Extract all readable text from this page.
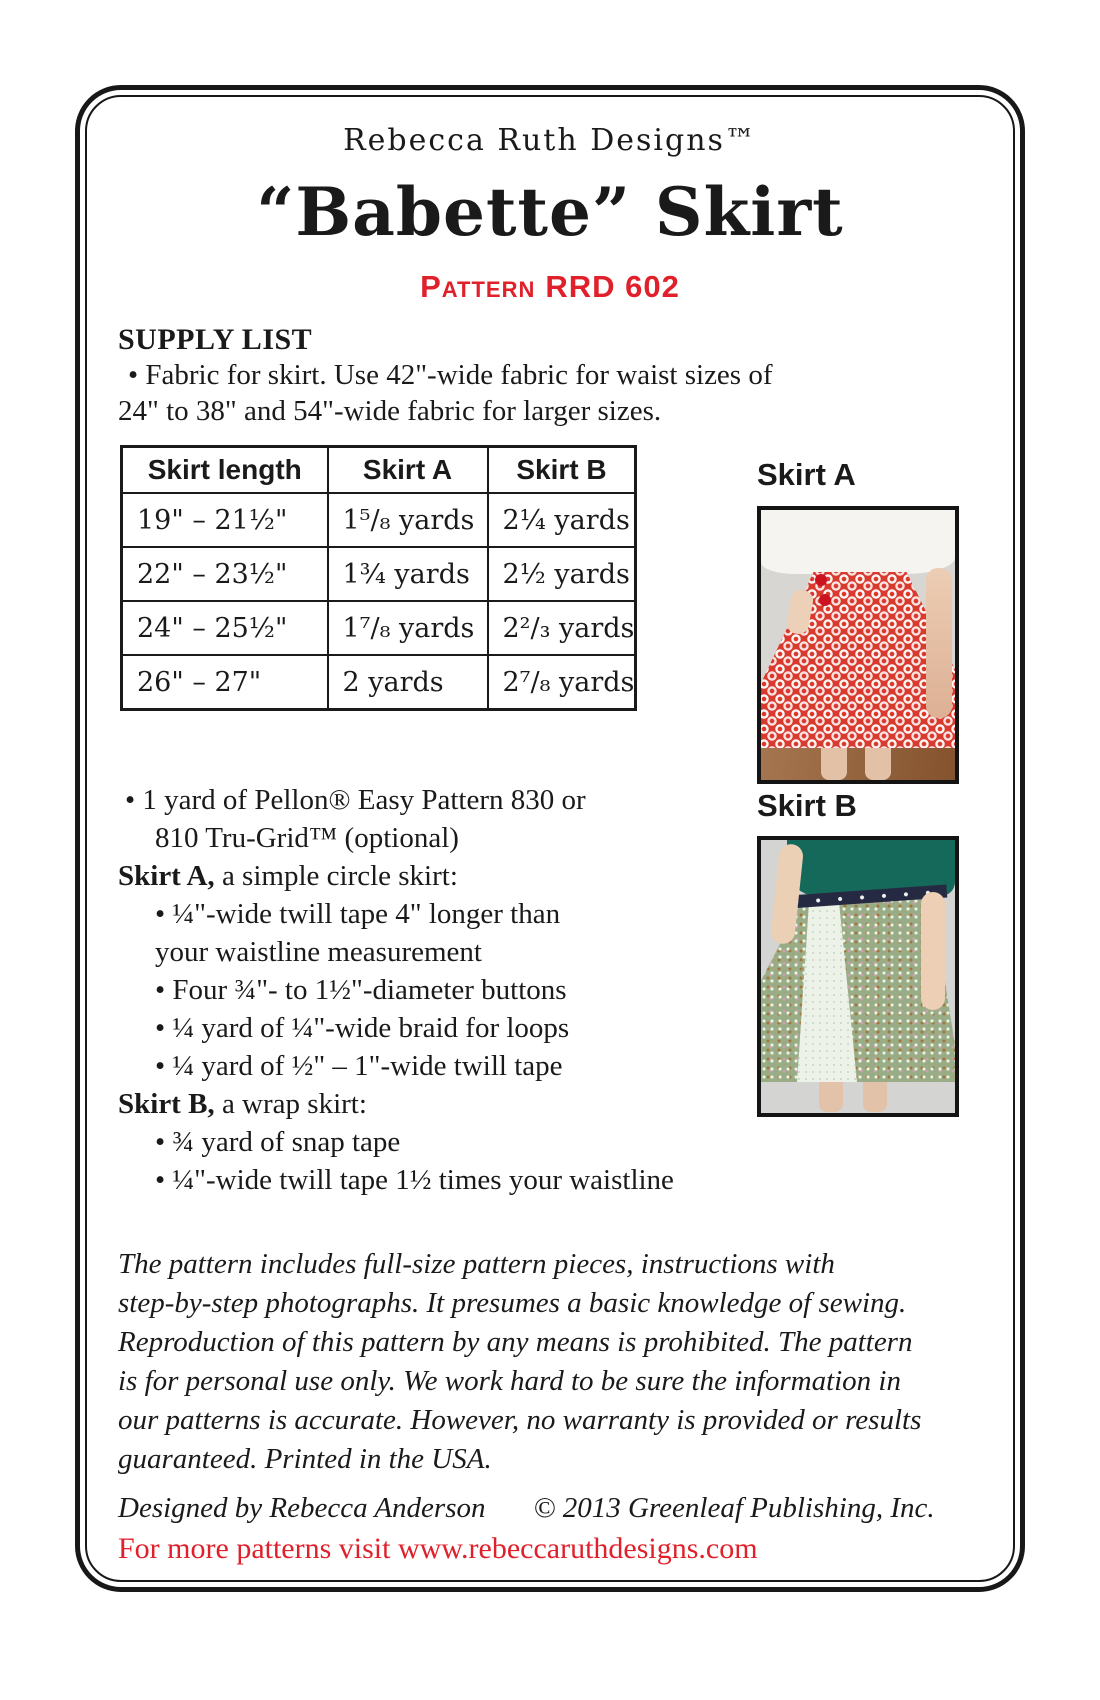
Rebecca Ruth Designs™
“Babette” Skirt
Pattern RRD 602
SUPPLY LIST
• Fabric for skirt. Use 42"-wide fabric for waist sizes of
24" to 38" and 54"-wide fabric for larger sizes.
Skirt length	Skirt A	Skirt B
19" – 21½"	1⁵/₈ yards	2¼ yards
22" – 23½"	1¾ yards	2½ yards
24" – 25½"	1⁷/₈ yards	2²/₃ yards
26" – 27"	2 yards	2⁷/₈ yards
Skirt A
Skirt B
• 1 yard of Pellon® Easy Pattern 830 or
810 Tru-Grid™ (optional)
Skirt A, a simple circle skirt:
• ¼"-wide twill tape 4" longer than
your waistline measurement
• Four ¾"- to 1½"-diameter buttons
• ¼ yard of ¼"-wide braid for loops
• ¼ yard of ½" – 1"-wide twill tape
Skirt B, a wrap skirt:
• ¾ yard of snap tape
• ¼"-wide twill tape 1½ times your waistline
The pattern includes full-size pattern pieces, instructions with
step-by-step photographs. It presumes a basic knowledge of sewing.
Reproduction of this pattern by any means is prohibited. The pattern
is for personal use only. We work hard to be sure the information in
our patterns is accurate. However, no warranty is provided or results
guaranteed. Printed in the USA.
Designed by Rebecca Anderson © 2013 Greenleaf Publishing, Inc.
For more patterns visit www.rebeccaruthdesigns.com
